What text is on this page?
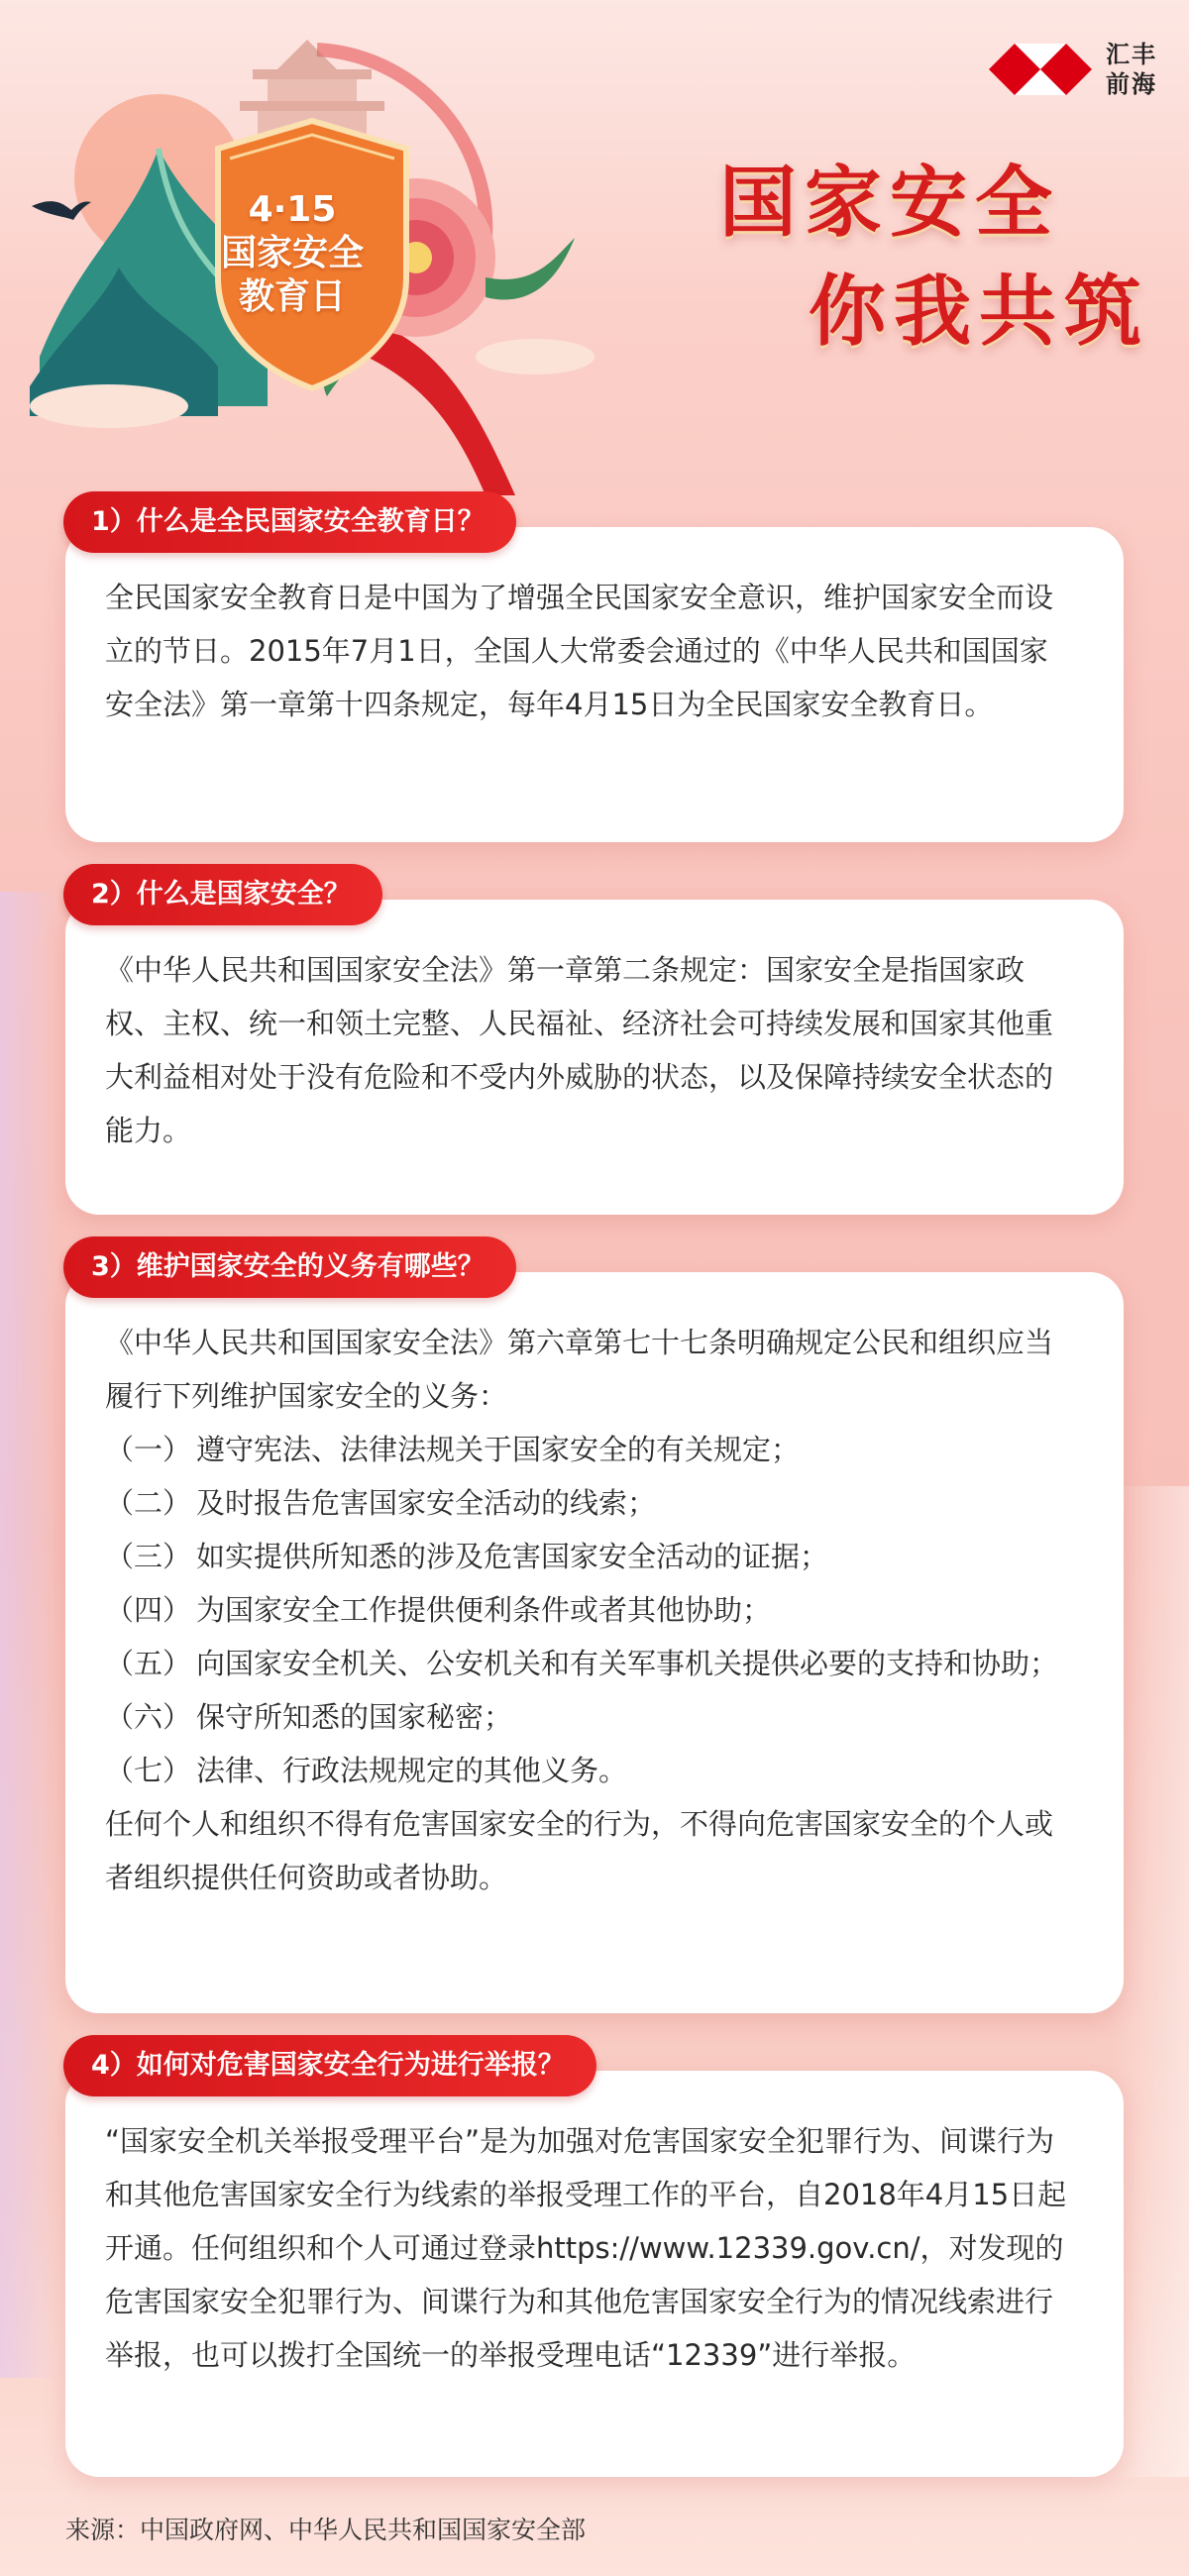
4·15
国家安全
教育日
汇丰
前海
国家安全
你我共筑
1）什么是全民国家安全教育日？

全民国家安全教育日是中国为了增强全民国家安全意识，维护国家安全而设立的节日。2015年7月1日，全国人大常委会通过的《中华人民共和国国家安全法》第一章第十四条规定，每年4月15日为全民国家安全教育日。

2）什么是国家安全？

《中华人民共和国国家安全法》第一章第二条规定：国家安全是指国家政权、主权、统一和领土完整、人民福祉、经济社会可持续发展和国家其他重大利益相对处于没有危险和不受内外威胁的状态，以及保障持续安全状态的能力。

3）维护国家安全的义务有哪些？

《中华人民共和国国家安全法》第六章第七十七条明确规定公民和组织应当履行下列维护国家安全的义务：

（一） 遵守宪法、法律法规关于国家安全的有关规定；
（二） 及时报告危害国家安全活动的线索；
（三） 如实提供所知悉的涉及危害国家安全活动的证据；
（四） 为国家安全工作提供便利条件或者其他协助；
（五） 向国家安全机关、公安机关和有关军事机关提供必要的支持和协助；
（六） 保守所知悉的国家秘密；
（七） 法律、行政法规规定的其他义务。

任何个人和组织不得有危害国家安全的行为，不得向危害国家安全的个人或者组织提供任何资助或者协助。

4）如何对危害国家安全行为进行举报？

“国家安全机关举报受理平台”是为加强对危害国家安全犯罪行为、间谍行为和其他危害国家安全行为线索的举报受理工作的平台，自2018年4月15日起开通。任何组织和个人可通过登录https://www.12339.gov.cn/，对发现的危害国家安全犯罪行为、间谍行为和其他危害国家安全行为的情况线索进行举报，也可以拨打全国统一的举报受理电话“12339”进行举报。

来源：中国政府网、中华人民共和国国家安全部
